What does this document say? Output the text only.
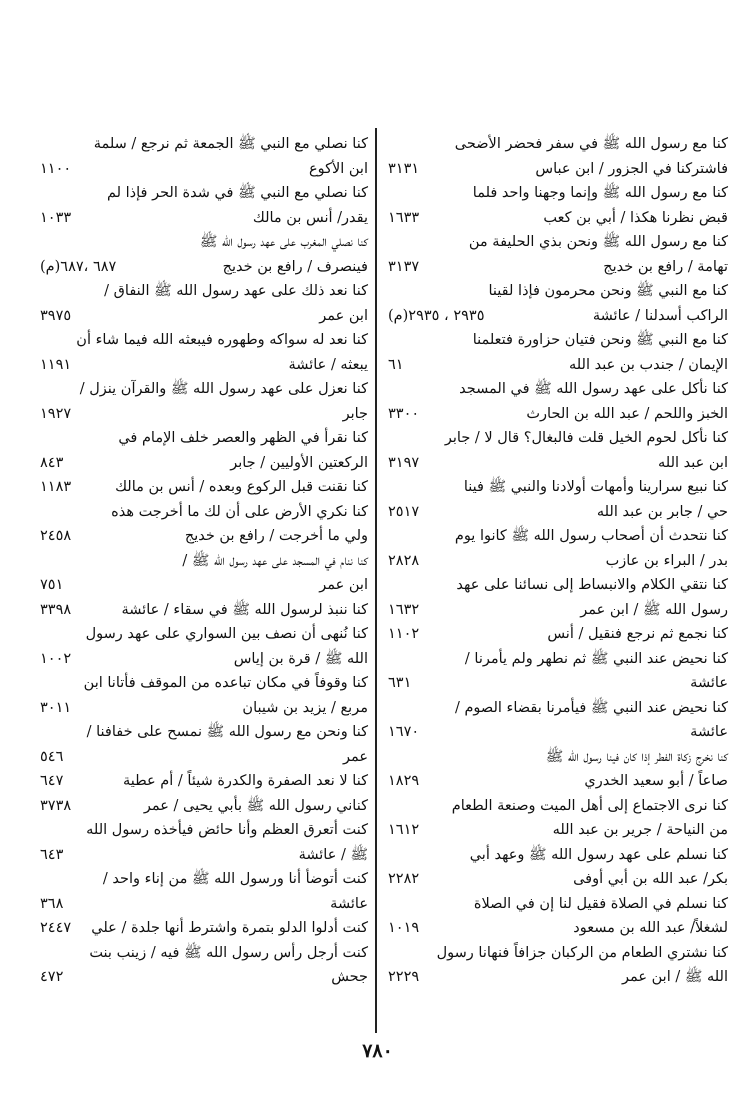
كنا مع رسول الله ﷺ في سفر فحضر الأضحى
فاشتركنا في الجزور / ابن عباس
٣١٣١
كنا مع رسول الله ﷺ وإنما وجهنا واحد فلما
قبض نظرنا هكذا / أبي بن كعب
١٦٣٣
كنا مع رسول الله ﷺ ونحن بذي الحليفة من
تهامة / رافع بن خديج
٣١٣٧
كنا مع النبي ﷺ ونحن محرمون فإذا لقينا
الراكب أسدلنا / عائشة
٢٩٣٥ ، ٢٩٣٥(م)
كنا مع النبي ﷺ ونحن فتيان حزاورة فتعلمنا
الإيمان / جندب بن عبد الله
٦١
كنا نأكل على عهد رسول الله ﷺ في المسجد
الخبز واللحم / عبد الله بن الحارث
٣٣٠٠
كنا نأكل لحوم الخيل قلت فالبغال؟ قال لا / جابر
ابن عبد الله
٣١٩٧
كنا نبيع سرارينا وأمهات أولادنا والنبي ﷺ فينا
حي / جابر بن عبد الله
٢٥١٧
كنا نتحدث أن أصحاب رسول الله ﷺ كانوا يوم
بدر / البراء بن عازب
٢٨٢٨
كنا نتقي الكلام والانبساط إلى نسائنا على عهد
رسول الله ﷺ / ابن عمر
١٦٣٢
كنا نجمع ثم نرجع فنقيل / أنس
١١٠٢
كنا نحيض عند النبي ﷺ ثم نطهر ولم يأمرنا /
عائشة
٦٣١
كنا نحيض عند النبي ﷺ فيأمرنا بقضاء الصوم /
عائشة
١٦٧٠
كنا نخرج زكاة الفطر إذا كان فينا رسول الله ﷺ
صاعاً / أبو سعيد الخدري
١٨٢٩
كنا نرى الاجتماع إلى أهل الميت وصنعة الطعام
من النياحة / جرير بن عبد الله
١٦١٢
كنا نسلم على عهد رسول الله ﷺ وعهد أبي
بكر/ عبد الله بن أبي أوفى
٢٢٨٢
كنا نسلم في الصلاة فقيل لنا إن في الصلاة
لشغلاً/ عبد الله بن مسعود
١٠١٩
كنا نشتري الطعام من الركبان جزافاً فنهانا رسول
الله ﷺ / ابن عمر
٢٢٢٩
كنا نصلي مع النبي ﷺ الجمعة ثم نرجع / سلمة
ابن الأكوع
١١٠٠
كنا نصلي مع النبي ﷺ في شدة الحر فإذا لم
يقدر/ أنس بن مالك
١٠٣٣
كنا نصلي المغرب على عهد رسول الله ﷺ
فينصرف / رافع بن خديج
٦٨٧ ،٦٨٧(م)
كنا نعد ذلك على عهد رسول الله ﷺ النفاق /
ابن عمر
٣٩٧٥
كنا نعد له سواكه وطهوره فيبعثه الله فيما شاء أن
يبعثه / عائشة
١١٩١
كنا نعزل على عهد رسول الله ﷺ والقرآن ينزل /
جابر
١٩٢٧
كنا نقرأ في الظهر والعصر خلف الإمام في
الركعتين الأوليين / جابر
٨٤٣
كنا نقنت قبل الركوع وبعده / أنس بن مالك
١١٨٣
كنا نكري الأرض على أن لك ما أخرجت هذه
ولي ما أخرجت / رافع بن خديج
٢٤٥٨
كنا ننام في المسجد على عهد رسول الله ﷺ /
ابن عمر
٧٥١
كنا ننبذ لرسول الله ﷺ في سقاء / عائشة
٣٣٩٨
كنا نُنهى أن نصف بين السواري على عهد رسول
الله ﷺ / قرة بن إياس
١٠٠٢
كنا وقوفاً في مكان تباعده من الموقف فأتانا ابن
مربع / يزيد بن شيبان
٣٠١١
كنا ونحن مع رسول الله ﷺ نمسح على خفافنا /
عمر
٥٤٦
كنا لا نعد الصفرة والكدرة شيئاً / أم عطية
٦٤٧
كناني رسول الله ﷺ بأبي يحيى / عمر
٣٧٣٨
كنت أتعرق العظم وأنا حائض فيأخذه رسول الله
ﷺ / عائشة
٦٤٣
كنت أتوضأ أنا ورسول الله ﷺ من إناء واحد /
عائشة
٣٦٨
كنت أدلوا الدلو بتمرة واشترط أنها جلدة / علي
٢٤٤٧
كنت أرجل رأس رسول الله ﷺ فيه / زينب بنت
جحش
٤٧٢
٧٨٠
